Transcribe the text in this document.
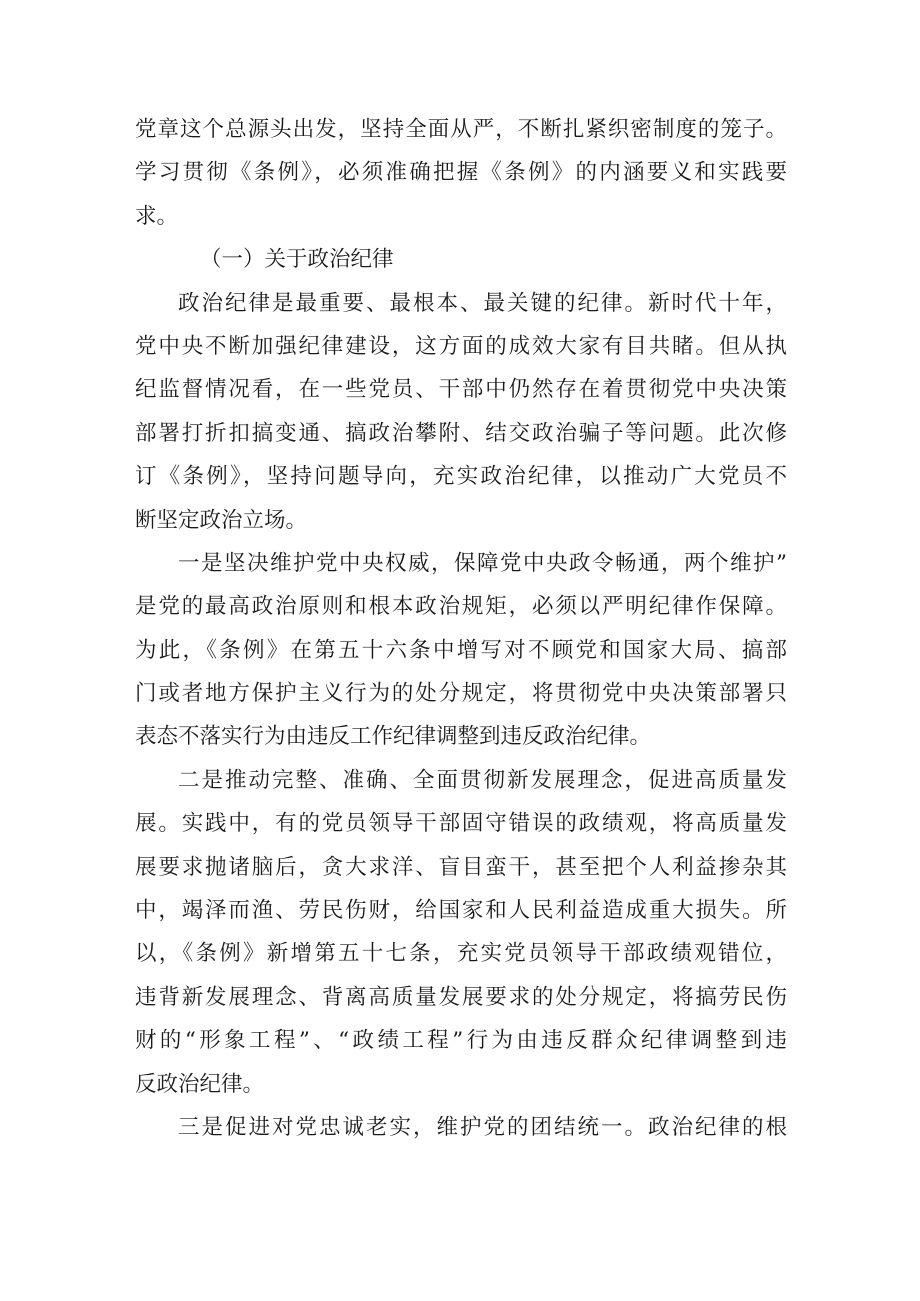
党章这个总源头出发，坚持全面从严，不断扎紧织密制度的笼子。
学习贯彻《条例》，必须准确把握《条例》的内涵要义和实践要
求。
（一）关于政治纪律
政治纪律是最重要、最根本、最关键的纪律。新时代十年，
党中央不断加强纪律建设，这方面的成效大家有目共睹。但从执
纪监督情况看，在一些党员、干部中仍然存在着贯彻党中央决策
部署打折扣搞变通、搞政治攀附、结交政治骗子等问题。此次修
订《条例》，坚持问题导向，充实政治纪律，以推动广大党员不
断坚定政治立场。
一是坚决维护党中央权威，保障党中央政令畅通，两个维护”
是党的最高政治原则和根本政治规矩，必须以严明纪律作保障。
为此，《条例》在第五十六条中增写对不顾党和国家大局、搞部
门或者地方保护主义行为的处分规定，将贯彻党中央决策部署只
表态不落实行为由违反工作纪律调整到违反政治纪律。
二是推动完整、准确、全面贯彻新发展理念，促进高质量发
展。实践中，有的党员领导干部固守错误的政绩观，将高质量发
展要求抛诸脑后，贪大求洋、盲目蛮干，甚至把个人利益掺杂其
中，竭泽而渔、劳民伤财，给国家和人民利益造成重大损失。所
以，《条例》新增第五十七条，充实党员领导干部政绩观错位，
违背新发展理念、背离高质量发展要求的处分规定，将搞劳民伤
财的“形象工程”、“政绩工程”行为由违反群众纪律调整到违
反政治纪律。
三是促进对党忠诚老实，维护党的团结统一。政治纪律的根
